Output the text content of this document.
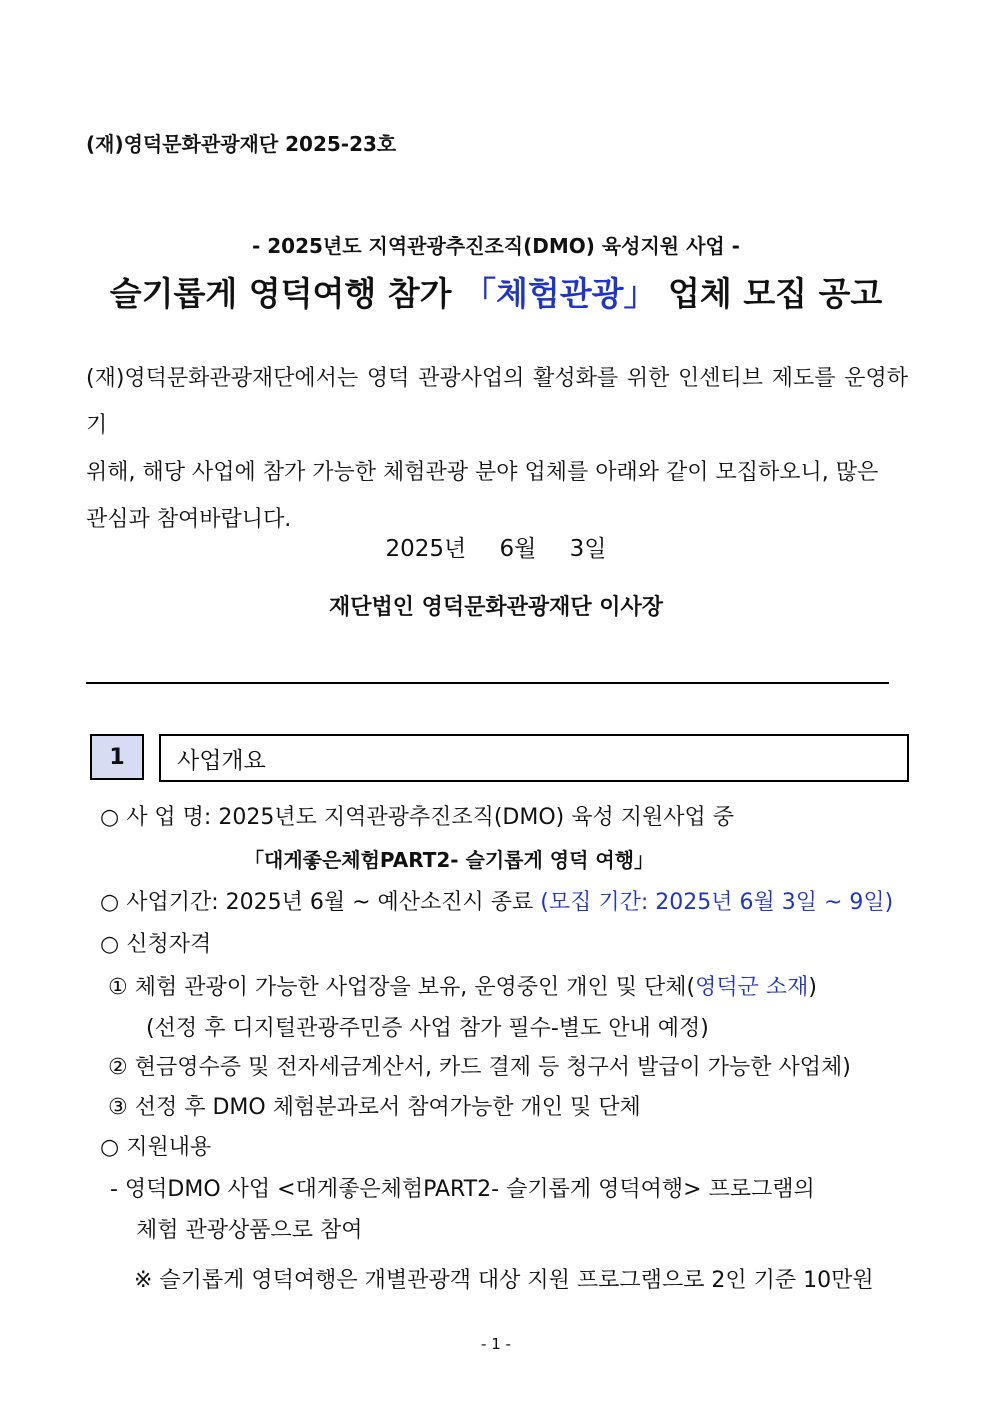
(재)영덕문화관광재단 2025-23호
- 2025년도 지역관광추진조직(DMO) 육성지원 사업 -
슬기롭게 영덕여행 참가 「체험관광」 업체 모집 공고
(재)영덕문화관광재단에서는 영덕 관광사업의 활성화를 위한 인센티브 제도를 운영하기
위해, 해당 사업에 참가 가능한 체험관광 분야 업체를 아래와 같이 모집하오니, 많은
관심과 참여바랍니다.
2025년 6월 3일
재단법인 영덕문화관광재단 이사장
1	사업개요
○ 사 업 명: 2025년도 지역관광추진조직(DMO) 육성 지원사업 중
「대게좋은체험PART2- 슬기롭게 영덕 여행」
○ 사업기간: 2025년 6월 ~ 예산소진시 종료 (모집 기간: 2025년 6월 3일 ~ 9일)
○ 신청자격
① 체험 관광이 가능한 사업장을 보유, 운영중인 개인 및 단체(영덕군 소재)
(선정 후 디지털관광주민증 사업 참가 필수-별도 안내 예정)
② 현금영수증 및 전자세금계산서, 카드 결제 등 청구서 발급이 가능한 사업체)
③ 선정 후 DMO 체험분과로서 참여가능한 개인 및 단체
○ 지원내용
- 영덕DMO 사업 <대게좋은체험PART2- 슬기롭게 영덕여행> 프로그램의
체험 관광상품으로 참여
※ 슬기롭게 영덕여행은 개별관광객 대상 지원 프로그램으로 2인 기준 10만원
- 1 -
